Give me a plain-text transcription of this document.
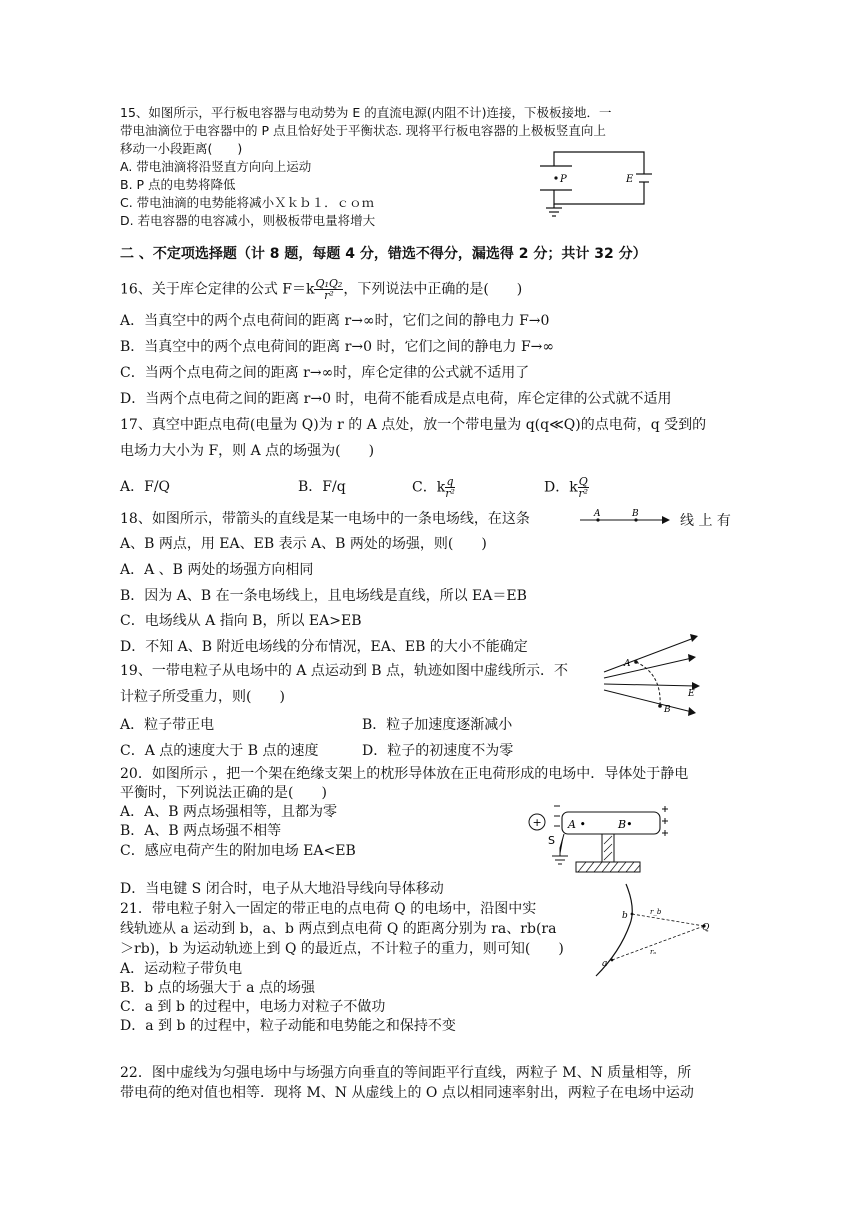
15、如图所示，平行板电容器与电动势为 E 的直流电源(内阻不计)连接，下极板接地．一
带电油滴位于电容器中的 P 点且恰好处于平衡状态. 现将平行板电容器的上极板竖直向上
移动一小段距离(　　)
A. 带电油滴将沿竖直方向向上运动
B. P 点的电势将降低
C. 带电油滴的电势能将减小Ｘｋｂ１．ｃｏｍ
D. 若电容器的电容减小，则极板带电量将增大
P	E
二 、不定项选择题（计 8 题，每题 4 分，错选不得分，漏选得 2 分；共计 32 分）
16、关于库仑定律的公式 $F=k \frac{\text{Q₁Q₂}}{\text{r²}}$ ，下列说法中正确的是(　　)
A．当真空中的两个点电荷间的距离 r→∞时，它们之间的静电力 F→0
B．当真空中的两个点电荷间的距离 r→0 时，它们之间的静电力 F→∞
C．当两个点电荷之间的距离 r→∞时，库仑定律的公式就不适用了
D．当两个点电荷之间的距离 r→0 时，电荷不能看成是点电荷，库仑定律的公式就不适用
17、真空中距点电荷(电量为 Q)为 r 的 A 点处，放一个带电量为 q(q≪Q)的点电荷，q 受到的
电场力大小为 F，则 A 点的场强为(　　)
A．F/Q	B．F/q	C．k $\frac{q}{\text{r²}}$	D．k $\frac{Q}{\text{r²}}$
18、如图所示，带箭头的直线是某一电场中的一条电场线，在这条	A	B	线 上 有
A、B 两点，用 EA、EB 表示 A、B 两处的场强，则(　　)
A．A 、B 两处的场强方向相同
B．因为 A、B 在一条电场线上，且电场线是直线，所以 EA＝EB
C．电场线从 A 指向 B，所以 EA>EB
D．不知 A、B 附近电场线的分布情况，EA、EB 的大小不能确定
19、一带电粒子从电场中的 A 点运动到 B 点，轨迹如图中虚线所示．不
计粒子所受重力，则(　　)
A．粒子带正电	B．粒子加速度逐渐减小
C．A 点的速度大于 B 点的速度	D．粒子的初速度不为零
A
B
E
20．如图所示 ，把一个架在绝缘支架上的枕形导体放在正电荷形成的电场中．导体处于静电
平衡时，下列说法正确的是(　　)
A．A、B 两点场强相等，且都为零
B．A、B 两点场强不相等
C．感应电荷产生的附加电场 EA<EB
D．当电键 S 闭合时，电子从大地沿导线向导体移动
+ A •	B•
S
21．带电粒子射入一固定的带正电的点电荷 Q 的电场中，沿图中实
线轨迹从 a 运动到 b，a、b 两点到点电荷 Q 的距离分别为 ra、rb(ra
＞rb)，b 为运动轨迹上到 Q 的最近点，不计粒子的重力，则可知(　　)
A．运动粒子带负电
B．b 点的场强大于 a 点的场强
C．a 到 b 的过程中，电场力对粒子不做功
D．a 到 b 的过程中，粒子动能和电势能之和保持不变
b
a
Q
r_b
rₐ
22．图中虚线为匀强电场中与场强方向垂直的等间距平行直线，两粒子 M、N 质量相等，所
带电荷的绝对值也相等．现将 M、N 从虚线上的 O 点以相同速率射出，两粒子在电场中运动
